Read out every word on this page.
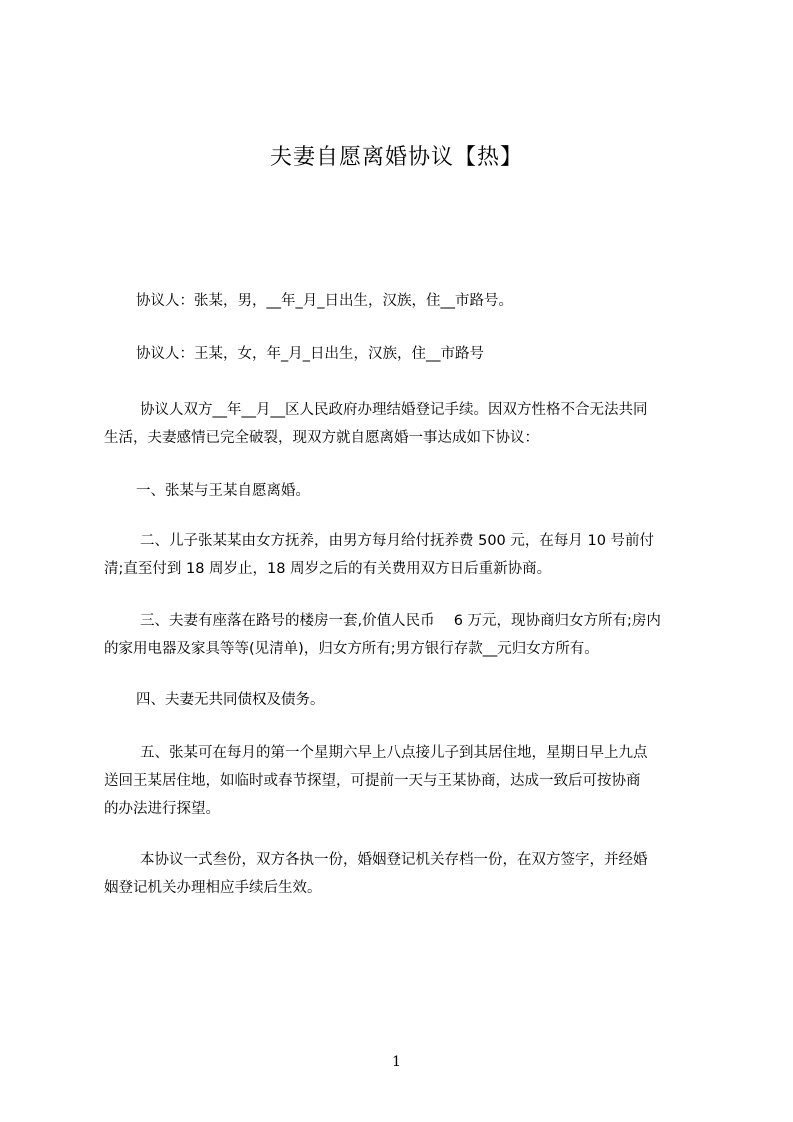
夫妻自愿离婚协议【热】
协议人：张某，男，__年_月_日出生，汉族，住__市路号。
协议人：王某，女，年_月_日出生，汉族，住__市路号
协议人双方__年__月__区人民政府办理结婚登记手续。因双方性格不合无法共同
生活，夫妻感情已完全破裂，现双方就自愿离婚一事达成如下协议：
一、张某与王某自愿离婚。
二、儿子张某某由女方抚养，由男方每月给付抚养费 500 元，在每月 10 号前付
清;直至付到 18 周岁止，18 周岁之后的有关费用双方日后重新协商。
三、夫妻有座落在路号的楼房一套,价值人民币　 6 万元，现协商归女方所有;房内
的家用电器及家具等等(见清单)，归女方所有;男方银行存款__元归女方所有。
四、夫妻无共同债权及债务。
五、张某可在每月的第一个星期六早上八点接儿子到其居住地，星期日早上九点
送回王某居住地，如临时或春节探望，可提前一天与王某协商，达成一致后可按协商
的办法进行探望。
本协议一式叁份，双方各执一份，婚姻登记机关存档一份，在双方签字，并经婚
姻登记机关办理相应手续后生效。
1
